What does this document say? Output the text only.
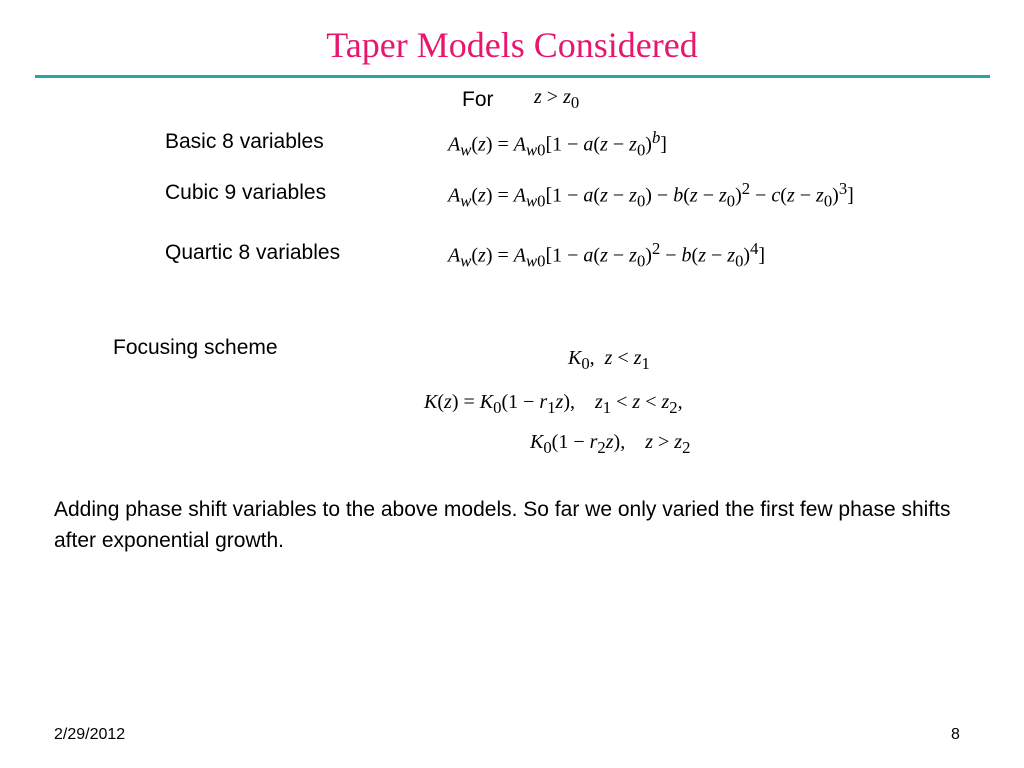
Taper Models Considered
For $z > z_0$
Basic 8 variables
Cubic 9 variables
Quartic 8 variables
$A_w(z) = A_{w0}[1 - a(z - z_0)^b]$
$A_w(z) = A_{w0}[1 - a(z - z_0) - b(z - z_0)^2 - c(z - z_0)^3]$
$A_w(z) = A_{w0}[1 - a(z - z_0)^2 - b(z - z_0)^4]$
Focusing scheme	$K_0$,  $z < z_1$
$K(z) = K_0(1 - r_1z)$,    $z_1 < z < z_2$,
$K_0(1 - r_2z)$,    $z > z_2$
Adding phase shift variables to the above models. So far we only varied the first few phase shifts after exponential growth.
2/29/2012	8
